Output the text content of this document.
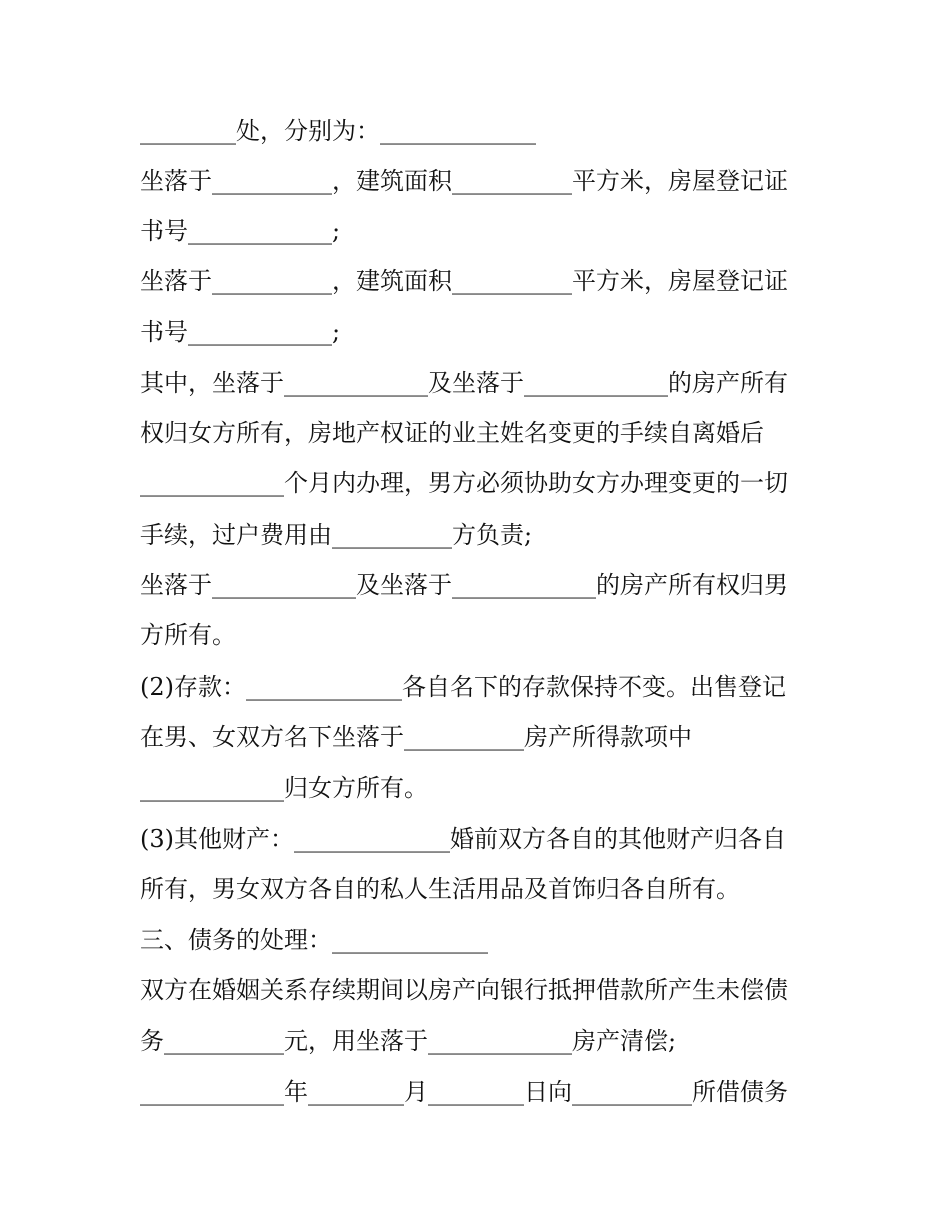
________处，分别为：_____________
坐落于__________，建筑面积__________平方米，房屋登记证
书号____________;
坐落于__________，建筑面积__________平方米，房屋登记证
书号____________;
其中，坐落于____________及坐落于____________的房产所有
权归女方所有，房地产权证的业主姓名变更的手续自离婚后
____________个月内办理，男方必须协助女方办理变更的一切
手续，过户费用由__________方负责;
坐落于____________及坐落于____________的房产所有权归男
方所有。
(2)存款：_____________各自名下的存款保持不变。出售登记
在男、女双方名下坐落于__________房产所得款项中
____________归女方所有。
(3)其他财产：_____________婚前双方各自的其他财产归各自
所有，男女双方各自的私人生活用品及首饰归各自所有。
三、债务的处理：_____________
双方在婚姻关系存续期间以房产向银行抵押借款所产生未偿债
务__________元，用坐落于____________房产清偿;
____________年________月________日向__________所借债务
